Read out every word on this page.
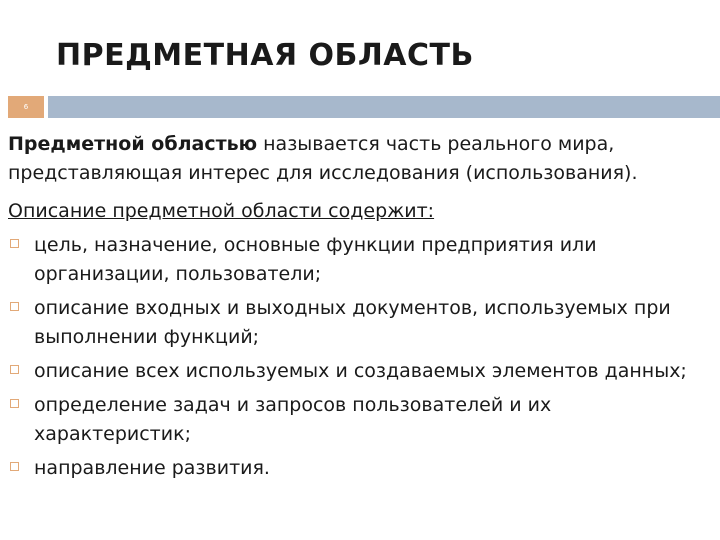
ПРЕДМЕТНАЯ ОБЛАСТЬ
6

Предметной областью называется часть реального мира, представляющая интерес для исследования (использования).

Описание предметной области содержит:
цель, назначение, основные функции предприятия или организации, пользователи;
описание входных и выходных документов, используемых при выполнении функций;
описание всех используемых и создаваемых элементов данных;
определение задач и запросов пользователей и их характеристик;
направление развития.
